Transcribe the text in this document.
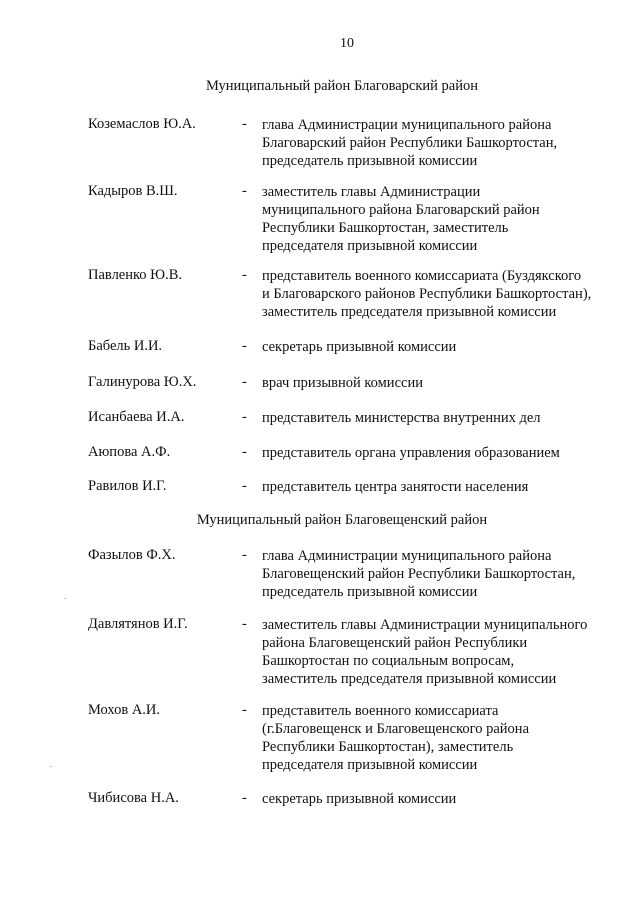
10
Муниципальный район Благоварский район
Коземаслов Ю.А.	- глава Администрации муниципального района
Благоварский район Республики Башкортостан,
председатель призывной комиссии
Кадыров В.Ш.	- заместитель главы Администрации
муниципального района Благоварский район
Республики Башкортостан, заместитель
председателя призывной комиссии
Павленко Ю.В.	- представитель военного комиссариата (Буздякского
и Благоварского районов Республики Башкортостан),
заместитель председателя призывной комиссии
Бабель И.И.	- секретарь призывной комиссии
Галинурова Ю.Х.	- врач призывной комиссии
Исанбаева И.А.	- представитель министерства внутренних дел
Аюпова А.Ф.	- представитель органа управления образованием
Равилов И.Г.	- представитель центра занятости населения
Муниципальный район Благовещенский район
Фазылов Ф.Х.	- глава Администрации муниципального района
Благовещенский район Республики Башкортостан,
председатель призывной комиссии
Давлятянов И.Г.	- заместитель главы Администрации муниципального
района Благовещенский район Республики
Башкортостан по социальным вопросам,
заместитель председателя призывной комиссии
Мохов А.И.	- представитель военного комиссариата
(г.Благовещенск и Благовещенского района
Республики Башкортостан), заместитель
председателя призывной комиссии
Чибисова Н.А.	- секретарь призывной комиссии
